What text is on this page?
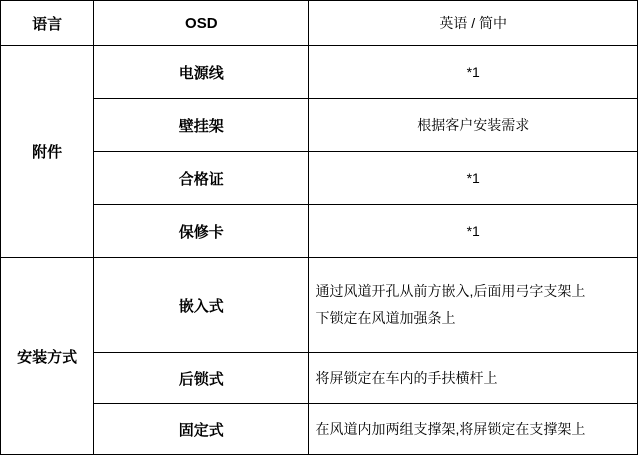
语言	OSD	英语 / 简中
附件	电源线	*1
	壁挂架	根据客户安装需求
	合格证	*1
	保修卡	*1
安装方式	嵌入式	通过风道开孔从前方嵌入,后面用弓字支架上
下锁定在风道加强条上

	后锁式	将屏锁定在车内的手扶横杆上
	固定式	在风道内加两组支撑架,将屏锁定在支撑架上
